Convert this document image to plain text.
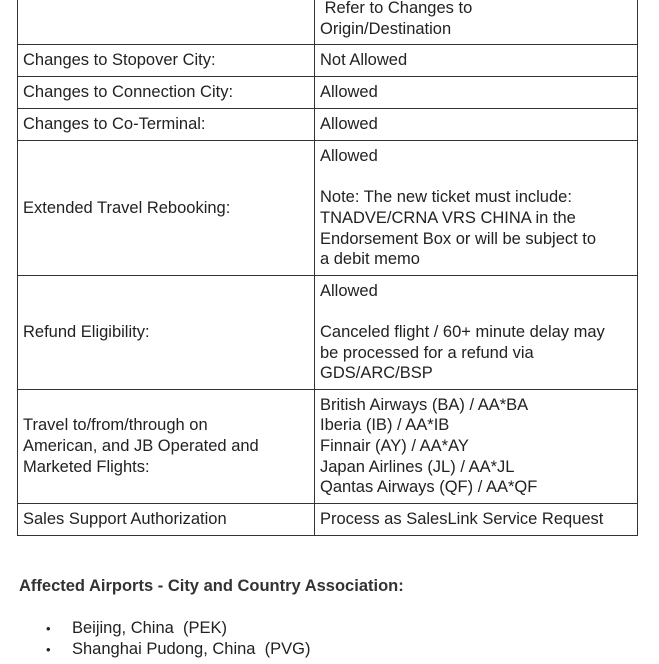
	Refer to Changes to
Origin/Destination

Changes to Stopover City:	Not Allowed

Changes to Connection City:	Allowed

Changes to Co-Terminal:	Allowed

Extended Travel Rebooking:	Allowed
Note: The new ticket must include:
TNADVE/CRNA VRS CHINA in the
Endorsement Box or will be subject to
a debit memo

Refund Eligibility:	Allowed
Canceled flight / 60+ minute delay may
be processed for a refund via
GDS/ARC/BSP

Travel to/from/through on
American, and JB Operated and
Marketed Flights:	British Airways (BA) / AA*BA
Iberia (IB) / AA*IB
Finnair (AY) / AA*AY
Japan Airlines (JL) / AA*JL
Qantas Airways (QF) / AA*QF

Sales Support Authorization	Process as SalesLink Service Request
Affected Airports - City and Country Association:
• Beijing, China  (PEK)
• Shanghai Pudong, China  (PVG)
